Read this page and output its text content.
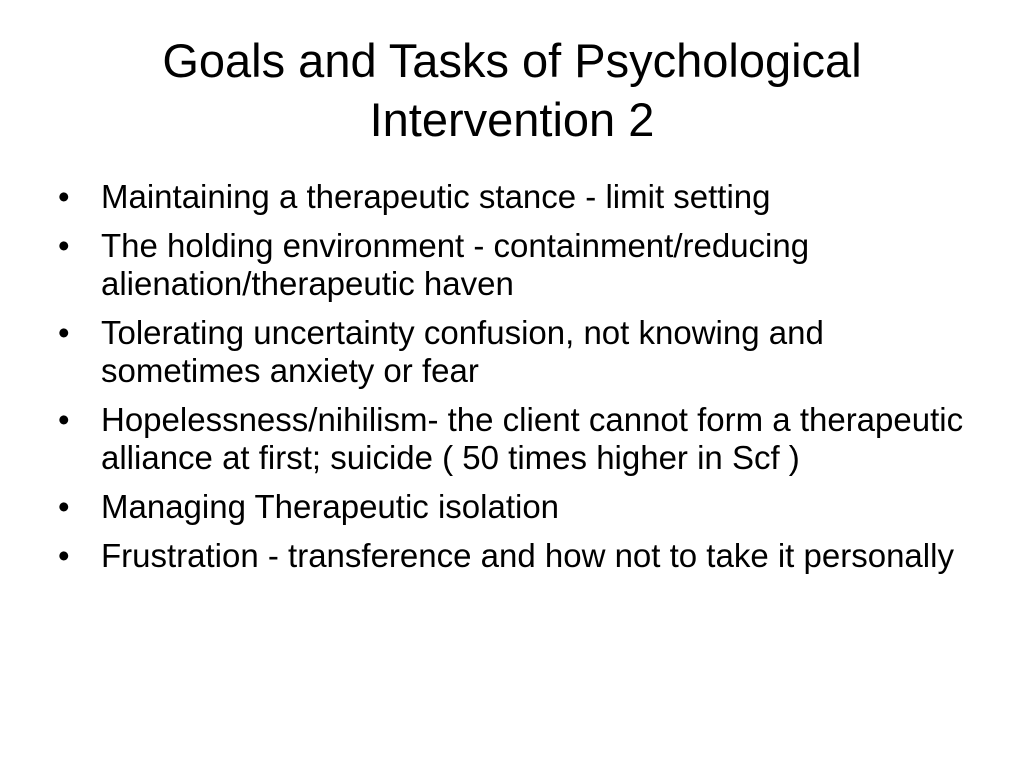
Goals and Tasks of Psychological
Intervention 2
• Maintaining a therapeutic stance - limit setting
• The holding environment - containment/reducing alienation/therapeutic haven
• Tolerating uncertainty confusion, not knowing and sometimes anxiety or fear
• Hopelessness/nihilism- the client cannot form a therapeutic alliance at first; suicide ( 50 times higher in Scf )
• Managing Therapeutic isolation
• Frustration - transference and how not to take it personally
